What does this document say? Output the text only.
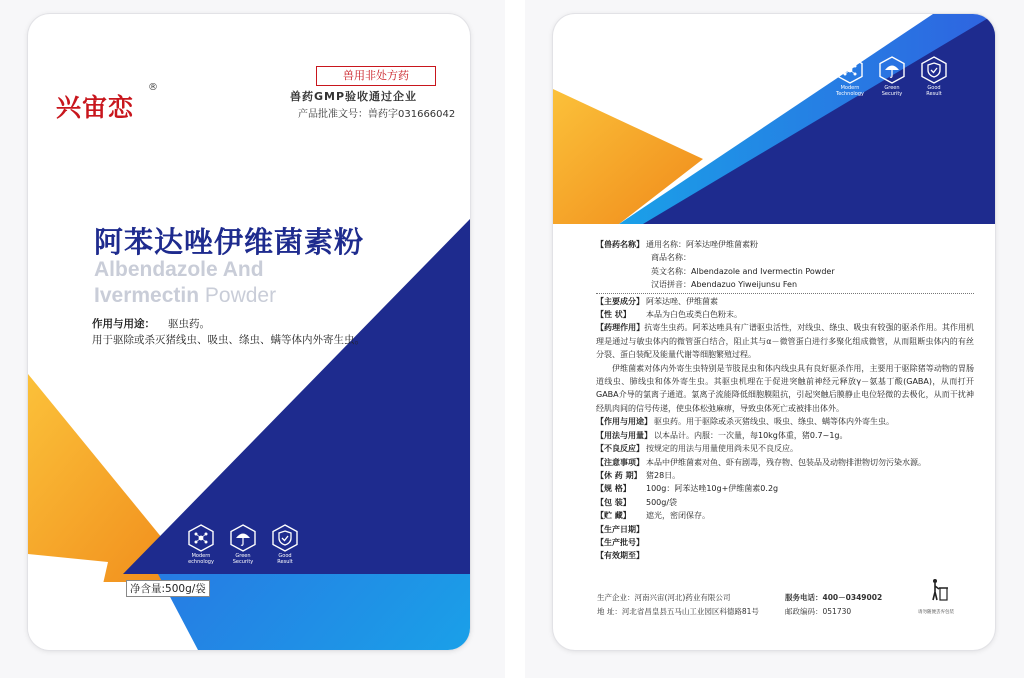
兴宙恋
®
兽用非处方药
兽药GMP验收通过企业
产品批准文号：兽药字031666042
阿苯达唑伊维菌素粉
Albendazole And
Ivermectin Powder
作用与用途： 驱虫药。
用于驱除或杀灭猪线虫、吸虫、绦虫、螨等体内外寄生虫。
Modern
echnology
Green
Security
Good
Result
净含量:500g/袋
Modern
Technology
Green
Security
Good
Result
【兽药名称】 通用名称：阿苯达唑伊维菌素粉
商品名称：
英文名称：Albendazole and Ivermectin Powder
汉语拼音：Abendazuo Yiweijunsu Fen
【主要成分】 阿苯达唑、伊维菌素
【性 状】	本品为白色或类白色粉末。
【药理作用】抗寄生虫药。阿苯达唑具有广谱驱虫活性，对线虫、绦虫、吸虫有较强的驱杀作用。其作用机理是通过与敏虫体内的微管蛋白结合，阻止其与α－微管蛋白进行多聚化组成微管，从而阻断虫体内的有丝分裂、蛋白装配及能量代谢等细胞繁殖过程。
伊维菌素对体内外寄生虫特别是节肢昆虫和体内线虫具有良好驱杀作用，主要用于驱除猪等动物的胃肠道线虫、肺线虫和体外寄生虫。其驱虫机理在于促进突触前神经元释放γ－氨基丁酸(GABA)，从而打开GABA介导的氯离子通道。氯离子流能降低细胞膜阻抗，引起突触后膜静止电位轻微的去极化，从而干扰神经肌肉间的信号传递，使虫体松弛麻痹，导致虫体死亡或被排出体外。
【作用与用途】 驱虫药。用于驱除或杀灭猪线虫、吸虫、绦虫、螨等体内外寄生虫。
【用法与用量】 以本品计。内服：一次量，每10kg体重，猪0.7~1g。
【不良反应】 按规定的用法与用量使用尚未见不良反应。
【注意事项】 本品中伊维菌素对鱼、虾有剧毒，残存物、包装品及动物排泄物切勿污染水源。
【休 药 期】 猪28日。
【规 格】	100g：阿苯达唑10g+伊维菌素0.2g
【包 装】	500g/袋
【贮 藏】	遮光，密闭保存。
【生产日期】
【生产批号】
【有效期至】
生产企业：河南兴宙(河北)药业有限公司
地 址：河北省昌皇县五马山工业园区科德路81号
服务电话：400－0349002
邮政编码：051730	请勿随便丢弃包装
